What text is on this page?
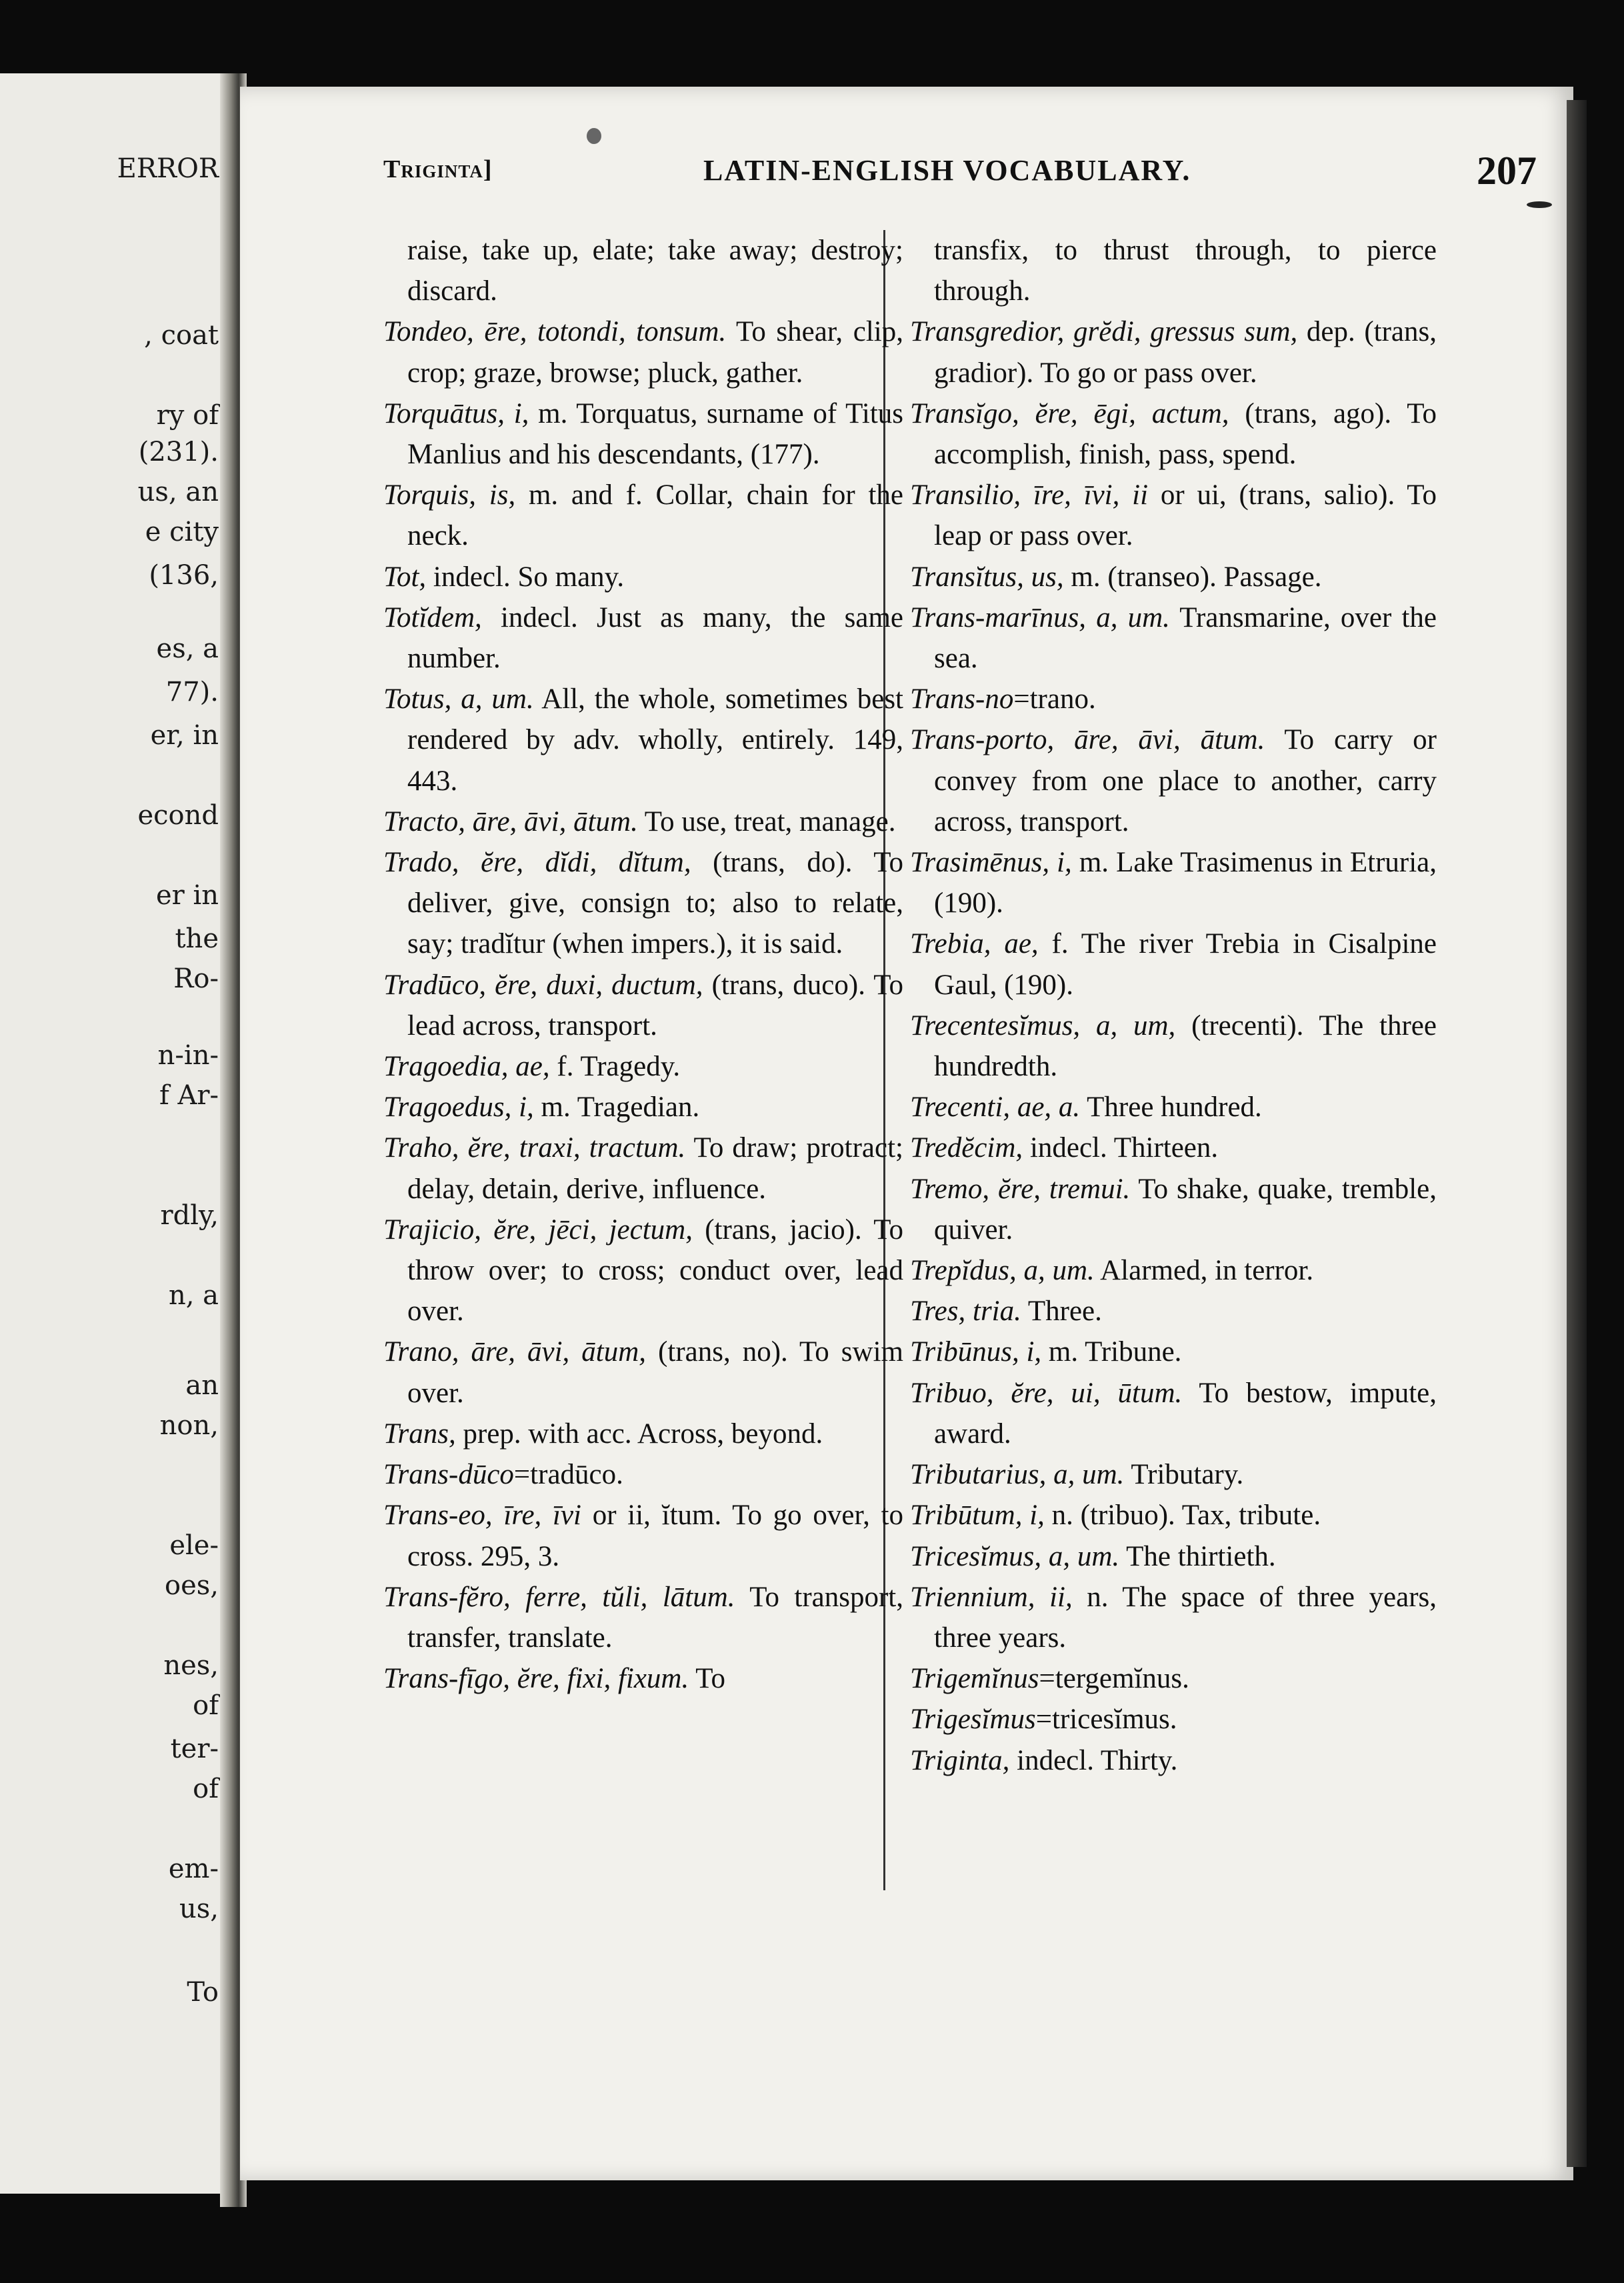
ERROR
, coat
ry of
(231).
us, an
e city
(136,
es, a
77).
er, in
econd
er in
the
Ro-
n-in-
f Ar-
rdly,
n, a
an
non,
ele-
oes,
nes,
of
ter-
of
em-
us,
To
Triginta]	LATIN-ENGLISH VOCABULARY.	207

raise, take up, elate; take away; destroy; discard.

Tondeo, ēre, totondi, tonsum. To shear, clip, crop; graze, browse; pluck, gather.

Torquātus, i, m. Torquatus, surname of Titus Manlius and his descendants, (177).

Torquis, is, m. and f. Collar, chain for the neck.

Tot, indecl. So many.

Totĭdem, indecl. Just as many, the same number.

Totus, a, um. All, the whole, sometimes best rendered by adv. wholly, entirely. 149, 443.

Tracto, āre, āvi, ātum. To use, treat, manage.

Trado, ĕre, dĭdi, dĭtum, (trans, do). To deliver, give, consign to; also to relate, say; tradĭtur (when impers.), it is said.

Tradūco, ĕre, duxi, ductum, (trans, duco). To lead across, transport.

Tragoedia, ae, f. Tragedy.

Tragoedus, i, m. Tragedian.

Traho, ĕre, traxi, tractum. To draw; protract; delay, detain, derive, influence.

Trajicio, ĕre, jēci, jectum, (trans, jacio). To throw over; to cross; conduct over, lead over.

Trano, āre, āvi, ātum, (trans, no). To swim over.

Trans, prep. with acc. Across, beyond.

Trans-dūco=tradūco.

Trans-eo, īre, īvi or ii, ĭtum. To go over, to cross. 295, 3.

Trans-fĕro, ferre, tŭli, lātum. To transport, transfer, translate.

Trans-fīgo, ĕre, fixi, fixum. To

transfix, to thrust through, to pierce through.

Transgredior, grĕdi, gressus sum, dep. (trans, gradior). To go or pass over.

Transĭgo, ĕre, ēgi, actum, (trans, ago). To accomplish, finish, pass, spend.

Transilio, īre, īvi, ii or ui, (trans, salio). To leap or pass over.

Transĭtus, us, m. (transeo). Passage.

Trans-marīnus, a, um. Transmarine, over the sea.

Trans-no=trano.

Trans-porto, āre, āvi, ātum. To carry or convey from one place to another, carry across, transport.

Trasimēnus, i, m. Lake Trasimenus in Etruria, (190).

Trebia, ae, f. The river Trebia in Cisalpine Gaul, (190).

Trecentesĭmus, a, um, (trecenti). The three hundredth.

Trecenti, ae, a. Three hundred.

Tredĕcim, indecl. Thirteen.

Tremo, ĕre, tremui. To shake, quake, tremble, quiver.

Trepĭdus, a, um. Alarmed, in terror.

Tres, tria. Three.

Tribūnus, i, m. Tribune.

Tribuo, ĕre, ui, ūtum. To bestow, impute, award.

Tributarius, a, um. Tributary.

Tribūtum, i, n. (tribuo). Tax, tribute.

Tricesĭmus, a, um. The thirtieth.

Triennium, ii, n. The space of three years, three years.

Trigemĭnus=tergemĭnus.

Trigesĭmus=tricesĭmus.

Triginta, indecl. Thirty.
